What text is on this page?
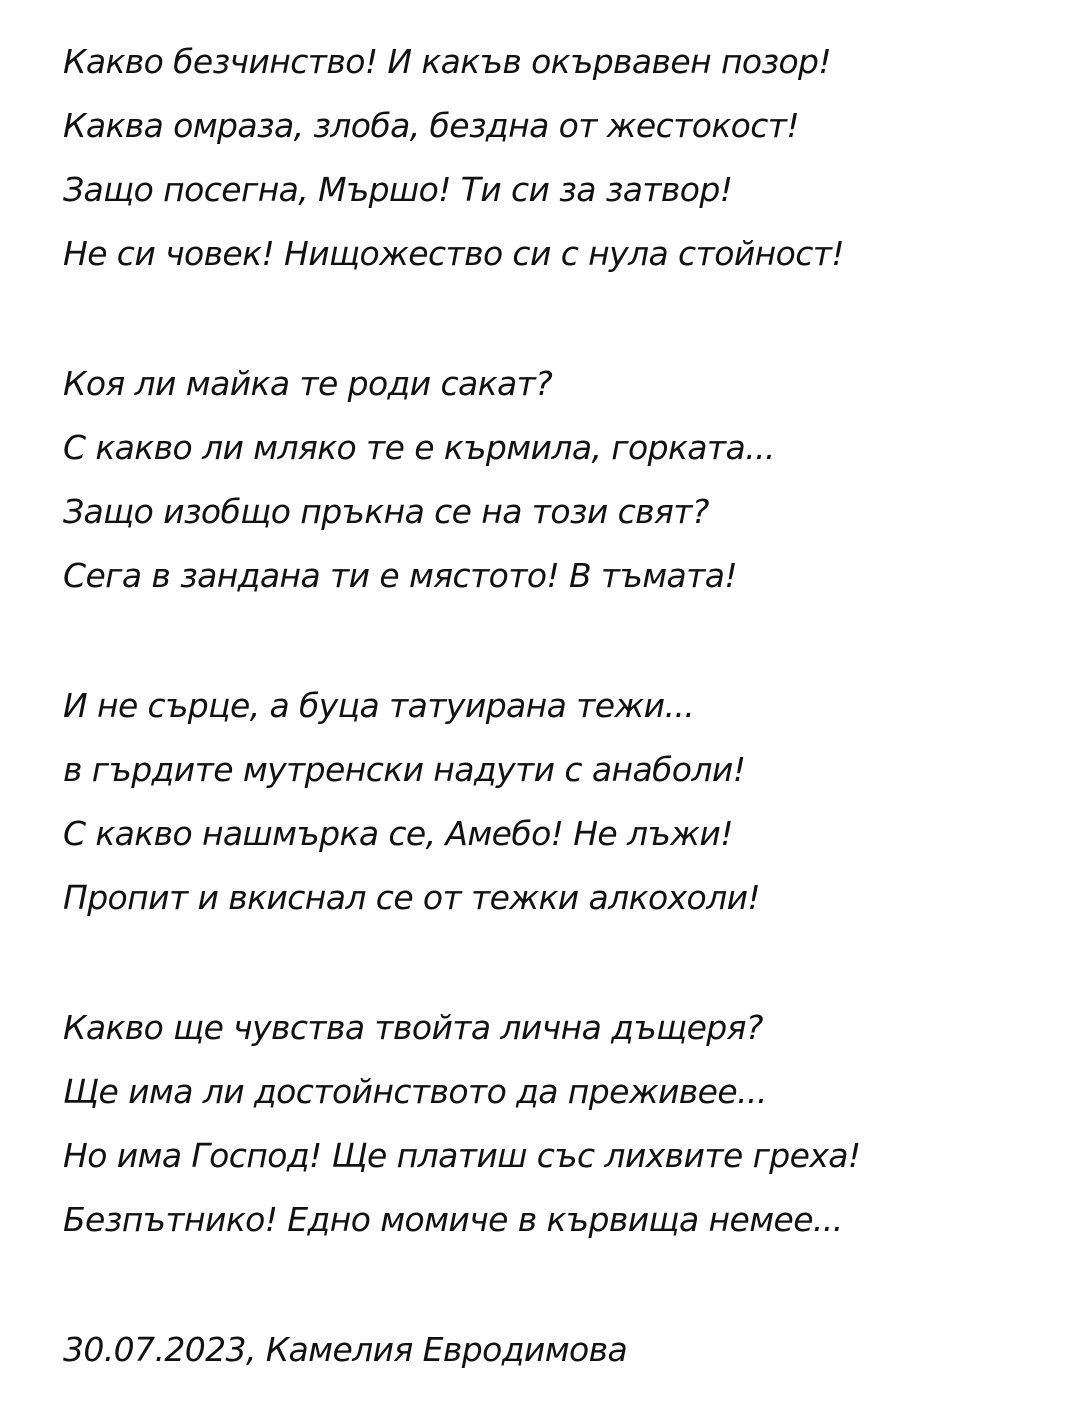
Какво безчинство! И какъв окървавен позор!
Каква омраза, злоба, бездна от жестокост!
Защо посегна, Мършо! Ти си за затвор!
Не си човек! Нищожество си с нула стойност!
Коя ли майка те роди сакат?
С какво ли мляко те е кърмила, горката...
Защо изобщо пръкна се на този свят?
Сега в зандана ти е мястото! В тъмата!
И не сърце, а буца татуирана тежи...
в гърдите мутренски надути с анаболи!
С какво нашмърка се, Амебо! Не лъжи!
Пропит и вкиснал се от тежки алкохоли!
Какво ще чувства твойта лична дъщеря?
Ще има ли достойнството да преживее...
Но има Господ! Ще платиш със лихвите греха!
Безпътнико! Едно момиче в кървища немее...
30.07.2023, Камелия Евродимова
